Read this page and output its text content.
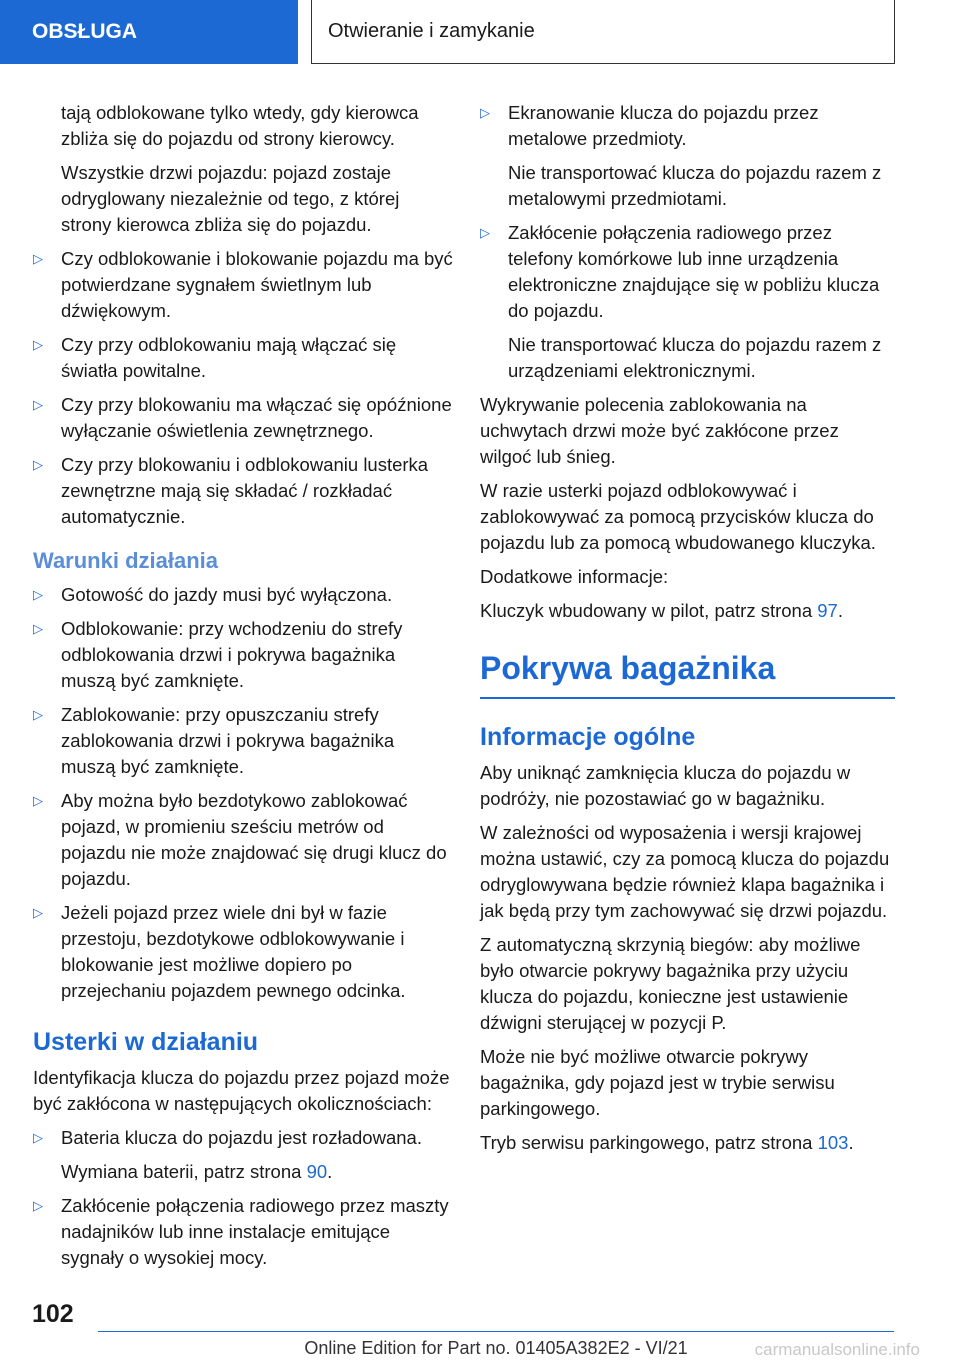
OBSŁUGA	Otwieranie i zamykanie

tają odblokowane tylko wtedy, gdy kierowca zbliża się do pojazdu od strony kierowcy.

Wszystkie drzwi pojazdu: pojazd zostaje odryglowany niezależnie od tego, z której strony kierowca zbliża się do pojazdu.

▷ Czy odblokowanie i blokowanie pojazdu ma być potwierdzane sygnałem świetlnym lub dźwiękowym.
▷ Czy przy odblokowaniu mają włączać się światła powitalne.
▷ Czy przy blokowaniu ma włączać się opóźnione wyłączanie oświetlenia zewnętrznego.
▷ Czy przy blokowaniu i odblokowaniu lusterka zewnętrzne mają się składać / rozkładać automatycznie.
Warunki działania
▷ Gotowość do jazdy musi być wyłączona.
▷ Odblokowanie: przy wchodzeniu do strefy odblokowania drzwi i pokrywa bagażnika muszą być zamknięte.
▷ Zablokowanie: przy opuszczaniu strefy zablokowania drzwi i pokrywa bagażnika muszą być zamknięte.
▷ Aby można było bezdotykowo zablokować pojazd, w promieniu sześciu metrów od pojazdu nie może znajdować się drugi klucz do pojazdu.
▷ Jeżeli pojazd przez wiele dni był w fazie przestoju, bezdotykowe odblokowywanie i blokowanie jest możliwe dopiero po przejechaniu pojazdem pewnego odcinka.
Usterki w działaniu

Identyfikacja klucza do pojazdu przez pojazd może być zakłócona w następujących okolicznościach:

▷ Bateria klucza do pojazdu jest rozładowana.

Wymiana baterii, patrz strona 90.

▷ Zakłócenie połączenia radiowego przez maszty nadajników lub inne instalacje emitujące sygnały o wysokiej mocy.
▷ Ekranowanie klucza do pojazdu przez metalowe przedmioty.

Nie transportować klucza do pojazdu razem z metalowymi przedmiotami.

▷ Zakłócenie połączenia radiowego przez telefony komórkowe lub inne urządzenia elektroniczne znajdujące się w pobliżu klucza do pojazdu.

Nie transportować klucza do pojazdu razem z urządzeniami elektronicznymi.

Wykrywanie polecenia zablokowania na uchwytach drzwi może być zakłócone przez wilgoć lub śnieg.

W razie usterki pojazd odblokowywać i zablokowywać za pomocą przycisków klucza do pojazdu lub za pomocą wbudowanego kluczyka.

Dodatkowe informacje:

Kluczyk wbudowany w pilot, patrz strona 97.

Pokrywa bagażnika
Informacje ogólne

Aby uniknąć zamknięcia klucza do pojazdu w podróży, nie pozostawiać go w bagażniku.

W zależności od wyposażenia i wersji krajowej można ustawić, czy za pomocą klucza do pojazdu odryglowywana będzie również klapa bagażnika i jak będą przy tym zachowywać się drzwi pojazdu.

Z automatyczną skrzynią biegów: aby możliwe było otwarcie pokrywy bagażnika przy użyciu klucza do pojazdu, konieczne jest ustawienie dźwigni sterującej w pozycji P.

Może nie być możliwe otwarcie pokrywy bagażnika, gdy pojazd jest w trybie serwisu parkingowego.

Tryb serwisu parkingowego, patrz strona 103.

102
Online Edition for Part no. 01405A382E2 - VI/21	carmanualsonline.info
